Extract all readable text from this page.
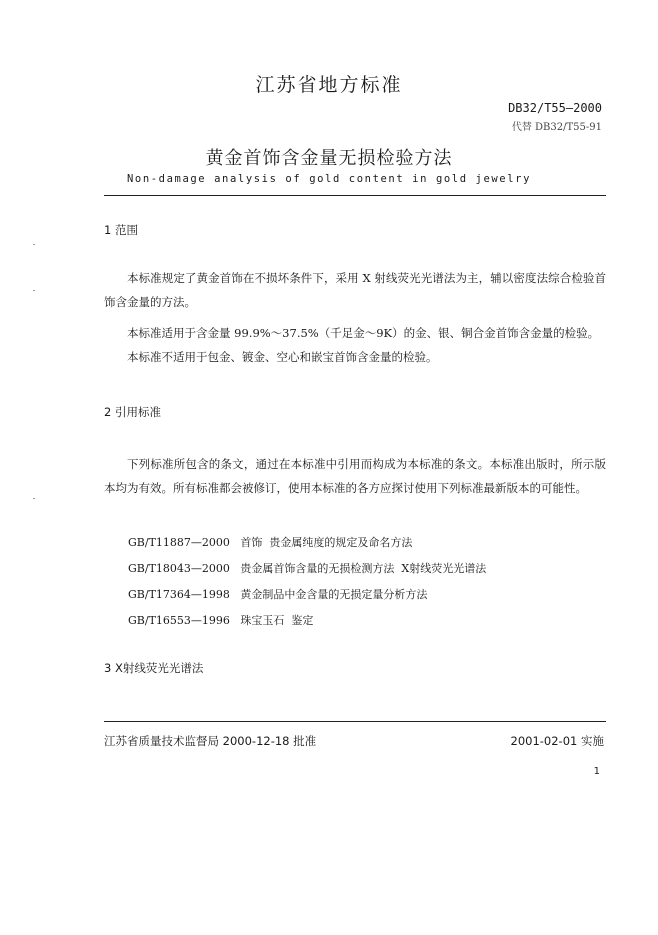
江苏省地方标准
DB32/T55—2000
代替 DB32/T55-91
黄金首饰含金量无损检验方法
Non-damage analysis of gold content in gold jewelry
1 范围

本标准规定了黄金首饰在不损坏条件下，采用 X 射线荧光光谱法为主，辅以密度法综合检验首饰含金量的方法。

本标准适用于含金量 99.9%～37.5%（千足金～9K）的金、银、铜合金首饰含金量的检验。

本标准不适用于包金、镀金、空心和嵌宝首饰含金量的检验。

2 引用标准

下列标准所包含的条文，通过在本标准中引用而构成为本标准的条文。本标准出版时，所示版本均为有效。所有标准都会被修订，使用本标准的各方应探讨使用下列标准最新版本的可能性。

GB/T11887—2000   首饰  贵金属纯度的规定及命名方法
GB/T18043—2000   贵金属首饰含量的无损检测方法  X射线荧光光谱法
GB/T17364—1998   黄金制品中金含量的无损定量分析方法
GB/T16553—1996   珠宝玉石  鉴定
3 X射线荧光光谱法
江苏省质量技术监督局 2000-12-18 批准	2001-02-01 实施
1
